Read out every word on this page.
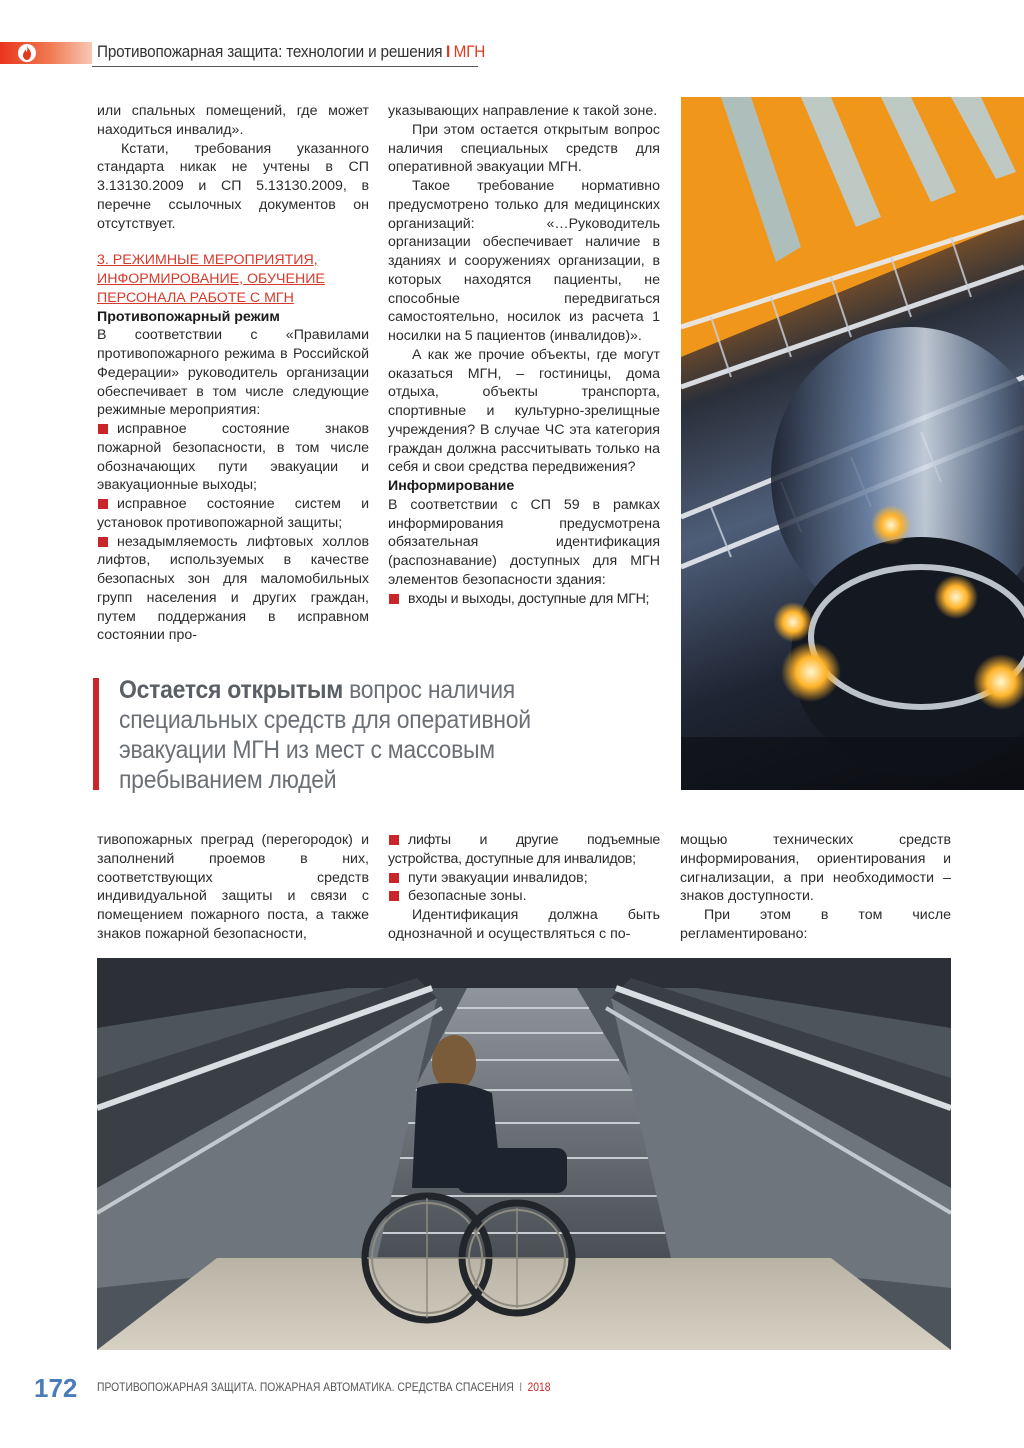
Противопожарная защита: технологии и решения I МГН

или спальных помещений, где может находиться инвалид».

Кстати, требования указанного стандарта никак не учтены в СП 3.13130.2009 и СП 5.13130.2009, в перечне ссылочных документов он отсутствует.

3. РЕЖИМНЫЕ МЕРОПРИЯТИЯ, ИНФОРМИРОВАНИЕ, ОБУЧЕНИЕ ПЕРСОНАЛА РАБОТЕ С МГН

Противопожарный режим

В соответствии с «Правилами противопожарного режима в Российской Федерации» руководитель организации обеспечивает в том числе следующие режимные мероприятия:

исправное состояние знаков пожарной безопасности, в том числе обозначающих пути эвакуации и эвакуационные выходы;

исправное состояние систем и установок противопожарной защиты;

незадымляемость лифтовых холлов лифтов, используемых в качестве безопасных зон для маломобильных групп населения и других граждан, путем поддержания в исправном состоянии про-

указывающих направление к такой зоне.

При этом остается открытым вопрос наличия специальных средств для оперативной эвакуации МГН.

Такое требование нормативно предусмотрено только для медицинских организаций: «…Руководитель организации обеспечивает наличие в зданиях и сооружениях организации, в которых находятся пациенты, не способные передвигаться самостоятельно, носилок из расчета 1 носилки на 5 пациентов (инвалидов)».

А как же прочие объекты, где могут оказаться МГН, – гостиницы, дома отдыха, объекты транспорта, спортивные и культурно-зрелищные учреждения? В случае ЧС эта категория граждан должна рассчитывать только на себя и свои средства передвижения?

Информирование

В соответствии с СП 59 в рамках информирования предусмотрена обязательная идентификация (распознавание) доступных для МГН элементов безопасности здания:

входы и выходы, доступные для МГН;

Остается открытым вопрос наличия специальных средств для оперативной эвакуации МГН из мест с массовым пребыванием людей

тивопожарных преград (перегородок) и заполнений проемов в них, соответствующих средств индивидуальной защиты и связи с помещением пожарного поста, а также знаков пожарной безопасности,

лифты и другие подъемные устройства, доступные для инвалидов;

пути эвакуации инвалидов;

безопасные зоны.

Идентификация должна быть однозначной и осуществляться с по-

мощью технических средств информирования, ориентирования и сигнализации, а при необходимости – знаков доступности.

При этом в том числе регламентировано:

172 ПРОТИВОПОЖАРНАЯ ЗАЩИТА. ПОЖАРНАЯ АВТОМАТИКА. СРЕДСТВА СПАСЕНИЯ I 2018
